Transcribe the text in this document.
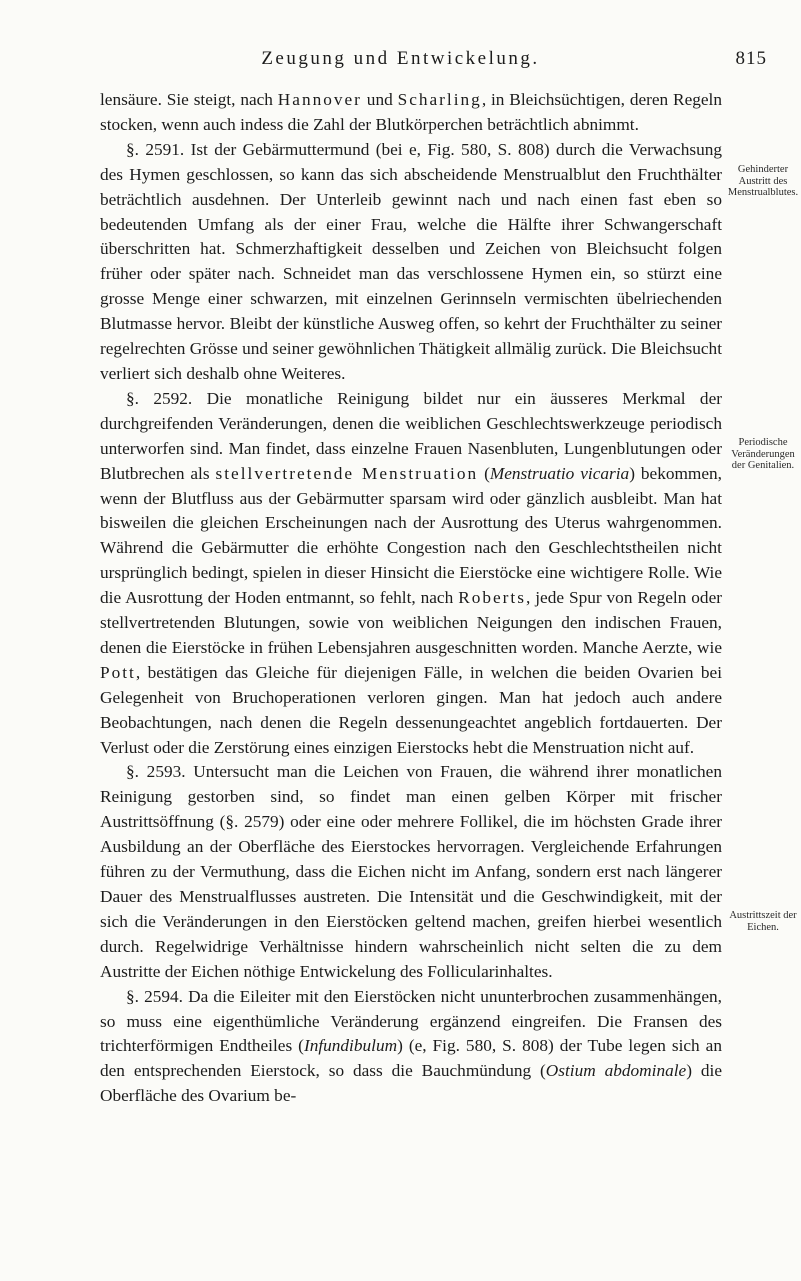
Zeugung und Entwickelung.	815

lensäure. Sie steigt, nach Hannover und Scharling, in Bleichsüchtigen, deren Regeln stocken, wenn auch indess die Zahl der Blutkörperchen beträchtlich abnimmt.

§. 2591. Ist der Gebärmuttermund (bei e, Fig. 580, S. 808) durch die Verwachsung des Hymen geschlossen, so kann das sich abscheidende Menstrualblut den Fruchthälter beträchtlich ausdehnen. Der Unterleib gewinnt nach und nach einen fast eben so bedeutenden Umfang als der einer Frau, welche die Hälfte ihrer Schwangerschaft überschritten hat. Schmerzhaftigkeit desselben und Zeichen von Bleichsucht folgen früher oder später nach. Schneidet man das verschlossene Hymen ein, so stürzt eine grosse Menge einer schwarzen, mit einzelnen Gerinnseln vermischten übelriechenden Blutmasse hervor. Bleibt der künstliche Ausweg offen, so kehrt der Fruchthälter zu seiner regelrechten Grösse und seiner gewöhnlichen Thätigkeit allmälig zurück. Die Bleichsucht verliert sich deshalb ohne Weiteres.

§. 2592. Die monatliche Reinigung bildet nur ein äusseres Merkmal der durchgreifenden Veränderungen, denen die weiblichen Geschlechtswerkzeuge periodisch unterworfen sind. Man findet, dass einzelne Frauen Nasenbluten, Lungenblutungen oder Blutbrechen als stellvertretende Menstruation (Menstruatio vicaria) bekommen, wenn der Blutfluss aus der Gebärmutter sparsam wird oder gänzlich ausbleibt. Man hat bisweilen die gleichen Erscheinungen nach der Ausrottung des Uterus wahrgenommen. Während die Gebärmutter die erhöhte Congestion nach den Geschlechtstheilen nicht ursprünglich bedingt, spielen in dieser Hinsicht die Eierstöcke eine wichtigere Rolle. Wie die Ausrottung der Hoden entmannt, so fehlt, nach Roberts, jede Spur von Regeln oder stellvertretenden Blutungen, sowie von weiblichen Neigungen den indischen Frauen, denen die Eierstöcke in frühen Lebensjahren ausgeschnitten worden. Manche Aerzte, wie Pott, bestätigen das Gleiche für diejenigen Fälle, in welchen die beiden Ovarien bei Gelegenheit von Bruchoperationen verloren gingen. Man hat jedoch auch andere Beobachtungen, nach denen die Regeln dessenungeachtet angeblich fortdauerten. Der Verlust oder die Zerstörung eines einzigen Eierstocks hebt die Menstruation nicht auf.

§. 2593. Untersucht man die Leichen von Frauen, die während ihrer monatlichen Reinigung gestorben sind, so findet man einen gelben Körper mit frischer Austrittsöffnung (§. 2579) oder eine oder mehrere Follikel, die im höchsten Grade ihrer Ausbildung an der Oberfläche des Eierstockes hervorragen. Vergleichende Erfahrungen führen zu der Vermuthung, dass die Eichen nicht im Anfang, sondern erst nach längerer Dauer des Menstrualflusses austreten. Die Intensität und die Geschwindigkeit, mit der sich die Veränderungen in den Eierstöcken geltend machen, greifen hierbei wesentlich durch. Regelwidrige Verhältnisse hindern wahrscheinlich nicht selten die zu dem Austritte der Eichen nöthige Entwickelung des Follicularinhaltes.

§. 2594. Da die Eileiter mit den Eierstöcken nicht ununterbrochen zusammenhängen, so muss eine eigenthümliche Veränderung ergänzend eingreifen. Die Fransen des trichterförmigen Endtheiles (Infundibulum) (e, Fig. 580, S. 808) der Tube legen sich an den entsprechenden Eierstock, so dass die Bauchmündung (Ostium abdominale) die Oberfläche des Ovarium be-

Gehinderter Austritt des Menstrualblutes.
Periodische Veränderungen der Genitalien.
Austrittszeit der Eichen.
